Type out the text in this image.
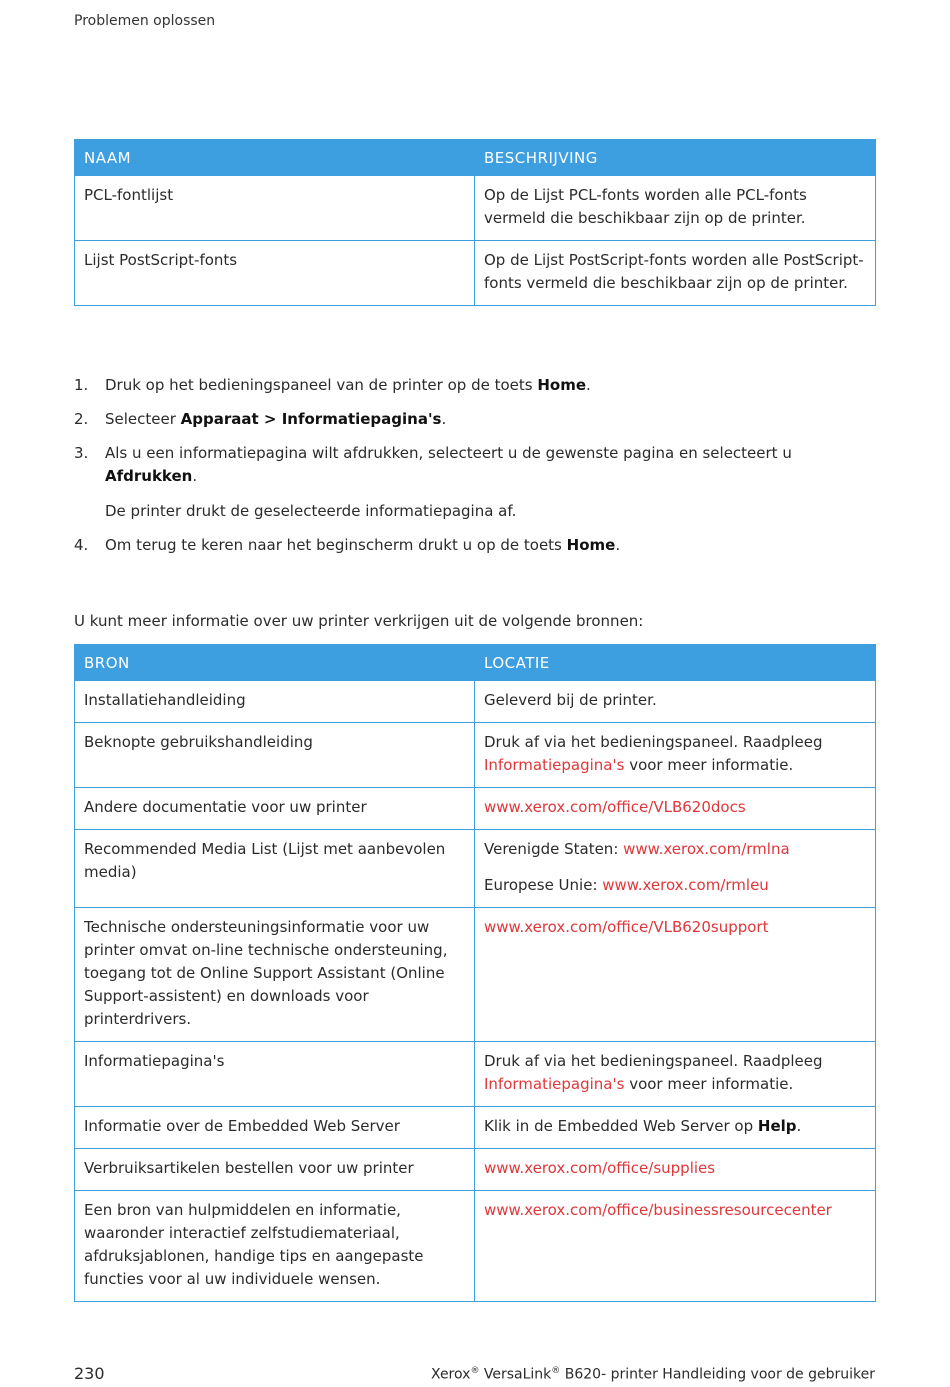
Problemen oplossen
NAAM	BESCHRIJVING
PCL-fontlijst	Op de Lijst PCL-fonts worden alle PCL-fonts vermeld die beschikbaar zijn op de printer.
Lijst PostScript-fonts	Op de Lijst PostScript-fonts worden alle PostScript-fonts vermeld die beschikbaar zijn op de printer.
1. Druk op het bedieningspaneel van de printer op de toets Home.
2. Selecteer Apparaat > Informatiepagina's.
3. Als u een informatiepagina wilt afdrukken, selecteert u de gewenste pagina en selecteert u Afdrukken.
De printer drukt de geselecteerde informatiepagina af.
4. Om terug te keren naar het beginscherm drukt u op de toets Home.
U kunt meer informatie over uw printer verkrijgen uit de volgende bronnen:
BRON	LOCATIE
Installatiehandleiding	Geleverd bij de printer.
Beknopte gebruikshandleiding	Druk af via het bedieningspaneel. Raadpleeg Informatiepagina's voor meer informatie.
Andere documentatie voor uw printer	www.xerox.com/office/VLB620docs
Recommended Media List (Lijst met aanbevolen media)	Verenigde Staten: www.xerox.com/rmlna
Europese Unie: www.xerox.com/rmleu

Technische ondersteuningsinformatie voor uw printer omvat on-line technische ondersteuning, toegang tot de Online Support Assistant (Online Support-assistent) en downloads voor printerdrivers.	www.xerox.com/office/VLB620support
Informatiepagina's	Druk af via het bedieningspaneel. Raadpleeg Informatiepagina's voor meer informatie.
Informatie over de Embedded Web Server	Klik in de Embedded Web Server op Help.
Verbruiksartikelen bestellen voor uw printer	www.xerox.com/office/supplies
Een bron van hulpmiddelen en informatie, waaronder interactief zelfstudiemateriaal, afdruksjablonen, handige tips en aangepaste functies voor al uw individuele wensen.	www.xerox.com/office/businessresourcecenter
230	Xerox® VersaLink® B620- printer Handleiding voor de gebruiker
